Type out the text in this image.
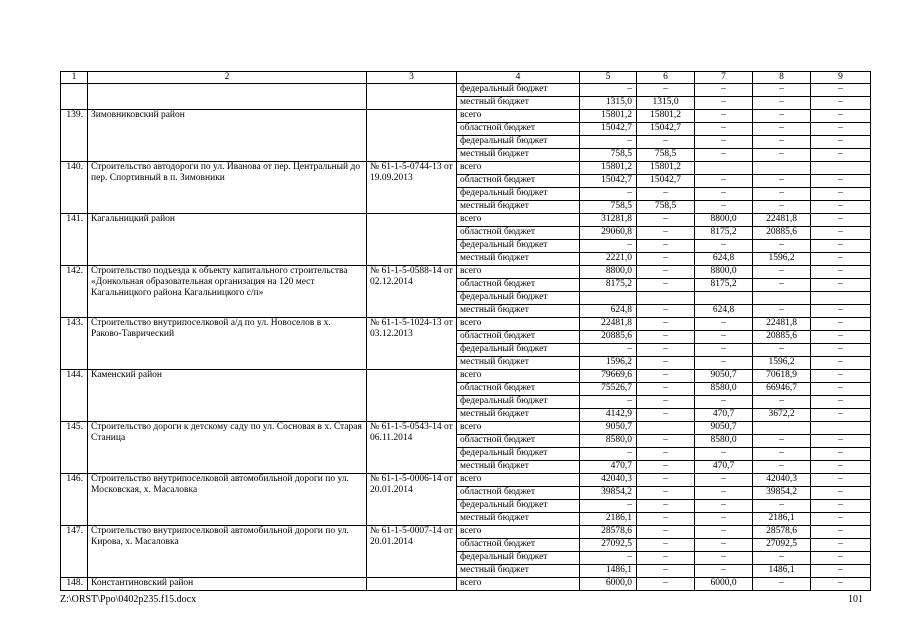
1	2	3	4	5	6	7	8	9
			федеральный бюджет	–	–	–	–	–
			местный бюджет	1315,0	1315,0	–	–	–
139.	Зимовниковский район		всего	15801,2	15801,2	–	–	–
			областной бюджет	15042,7	15042,7	–	–	–
			федеральный бюджет	–	–	–	–	–
			местный бюджет	758,5	758,5	–	–	–
140.	Строительство автодороги по ул. Иванова от пер. Центральный до пер. Спортивный в п. Зимовники	№ 61-1-5-0744-13 от 19.09.2013	всего	15801,2	15801,2			
			областной бюджет	15042,7	15042,7	–	–	–
			федеральный бюджет	–	–	–	–	–
			местный бюджет	758,5	758,5	–	–	–
141.	Кагальницкий район		всего	31281,8	–	8800,0	22481,8	–
			областной бюджет	29060,8	–	8175,2	20885,6	–
			федеральный бюджет	–	–	–	–	–
			местный бюджет	2221,0	–	624,8	1596,2	–
142.	Строительство подъезда к объекту капитального строительства «Донкольная образовательная организация на 120 мест Кагальницкого района Кагальницкого с/п»	№ 61-1-5-0588-14 от 02.12.2014	всего	8800,0	–	8800,0	–	–
			областной бюджет	8175,2	–	8175,2	–	–
			федеральный бюджет					
			местный бюджет	624,8	–	624,8	–	–
143.	Строительство внутрипоселковой а/д по ул. Новоселов в х. Раково-Таврический	№ 61-1-5-1024-13 от 03.12.2013	всего	22481,8	–	–	22481,8	–
			областной бюджет	20885,6	–	–	20885,6	–
			федеральный бюджет	–	–	–	–	–
			местный бюджет	1596,2	–	–	1596,2	–
144.	Каменский район		всего	79669,6	–	9050,7	70618,9	–
			областной бюджет	75526,7	–	8580,0	66946,7	–
			федеральный бюджет	–	–	–	–	–
			местный бюджет	4142,9	–	470,7	3672,2	–
145.	Строительство дороги к детскому саду по ул. Сосновая в х. Старая Станица	№ 61-1-5-0543-14 от 06.11.2014	всего	9050,7		9050,7		
			областной бюджет	8580,0	–	8580,0	–	–
			федеральный бюджет	–	–	–	–	–
			местный бюджет	470,7	–	470,7	–	–
146.	Строительство внутрипоселковой автомобильной дороги по ул. Московская, х. Масаловка	№ 61-1-5-0006-14 от 20.01.2014	всего	42040,3	–	–	42040,3	–
			областной бюджет	39854,2	–	–	39854,2	–
			федеральный бюджет	–	–	–	–	–
			местный бюджет	2186,1	–	–	2186,1	–
147.	Строительство внутрипоселковой автомобильной дороги по ул. Кирова, х. Масаловка	№ 61-1-5-0007-14 от 20.01.2014	всего	28578,6	–	–	28578,6	–
			областной бюджет	27092,5	–	–	27092,5	–
			федеральный бюджет	–	–	–	–	–
			местный бюджет	1486,1	–	–	1486,1	–
148.	Константиновский район		всего	6000,0	–	6000,0	–	–
Z:\ORST\Ppo\0402p235.f15.docx	101
